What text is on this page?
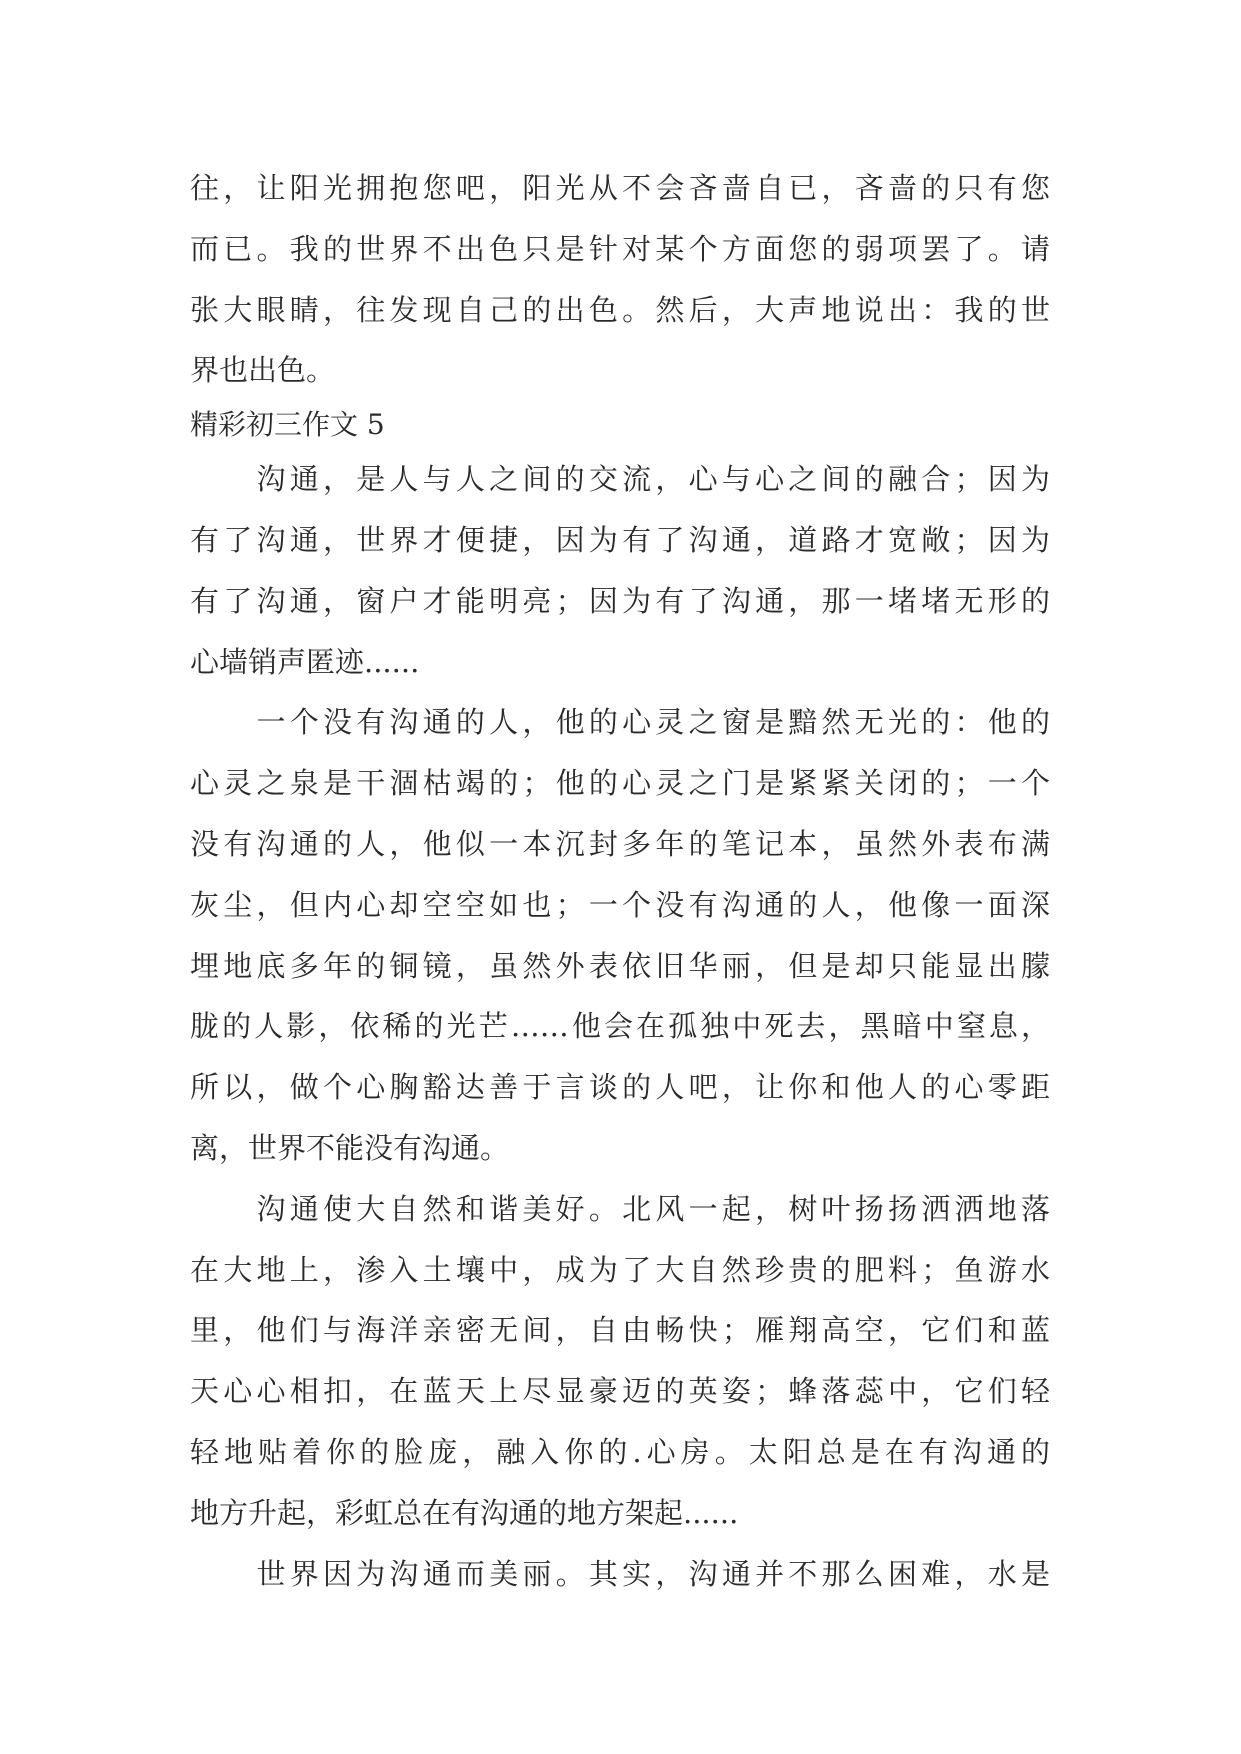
往，让阳光拥抱您吧，阳光从不会吝啬自已，吝啬的只有您
而已。我的世界不出色只是针对某个方面您的弱项罢了。请
张大眼睛，往发现自己的出色。然后，大声地说出：我的世
界也出色。
精彩初三作文 5
　　沟通，是人与人之间的交流，心与心之间的融合；因为
有了沟通，世界才便捷，因为有了沟通，道路才宽敞；因为
有了沟通，窗户才能明亮；因为有了沟通，那一堵堵无形的
心墙销声匿迹......
　　一个没有沟通的人，他的心灵之窗是黯然无光的：他的
心灵之泉是干涸枯竭的；他的心灵之门是紧紧关闭的；一个
没有沟通的人，他似一本沉封多年的笔记本，虽然外表布满
灰尘，但内心却空空如也；一个没有沟通的人，他像一面深
埋地底多年的铜镜，虽然外表依旧华丽，但是却只能显出朦
胧的人影，依稀的光芒……他会在孤独中死去，黑暗中窒息，
所以，做个心胸豁达善于言谈的人吧，让你和他人的心零距
离，世界不能没有沟通。
　　沟通使大自然和谐美好。北风一起，树叶扬扬洒洒地落
在大地上，渗入土壤中，成为了大自然珍贵的肥料；鱼游水
里，他们与海洋亲密无间，自由畅快；雁翔高空，它们和蓝
天心心相扣，在蓝天上尽显豪迈的英姿；蜂落蕊中，它们轻
轻地贴着你的脸庞，融入你的.心房。太阳总是在有沟通的
地方升起，彩虹总在有沟通的地方架起......
　　世界因为沟通而美丽。其实，沟通并不那么困难，水是
